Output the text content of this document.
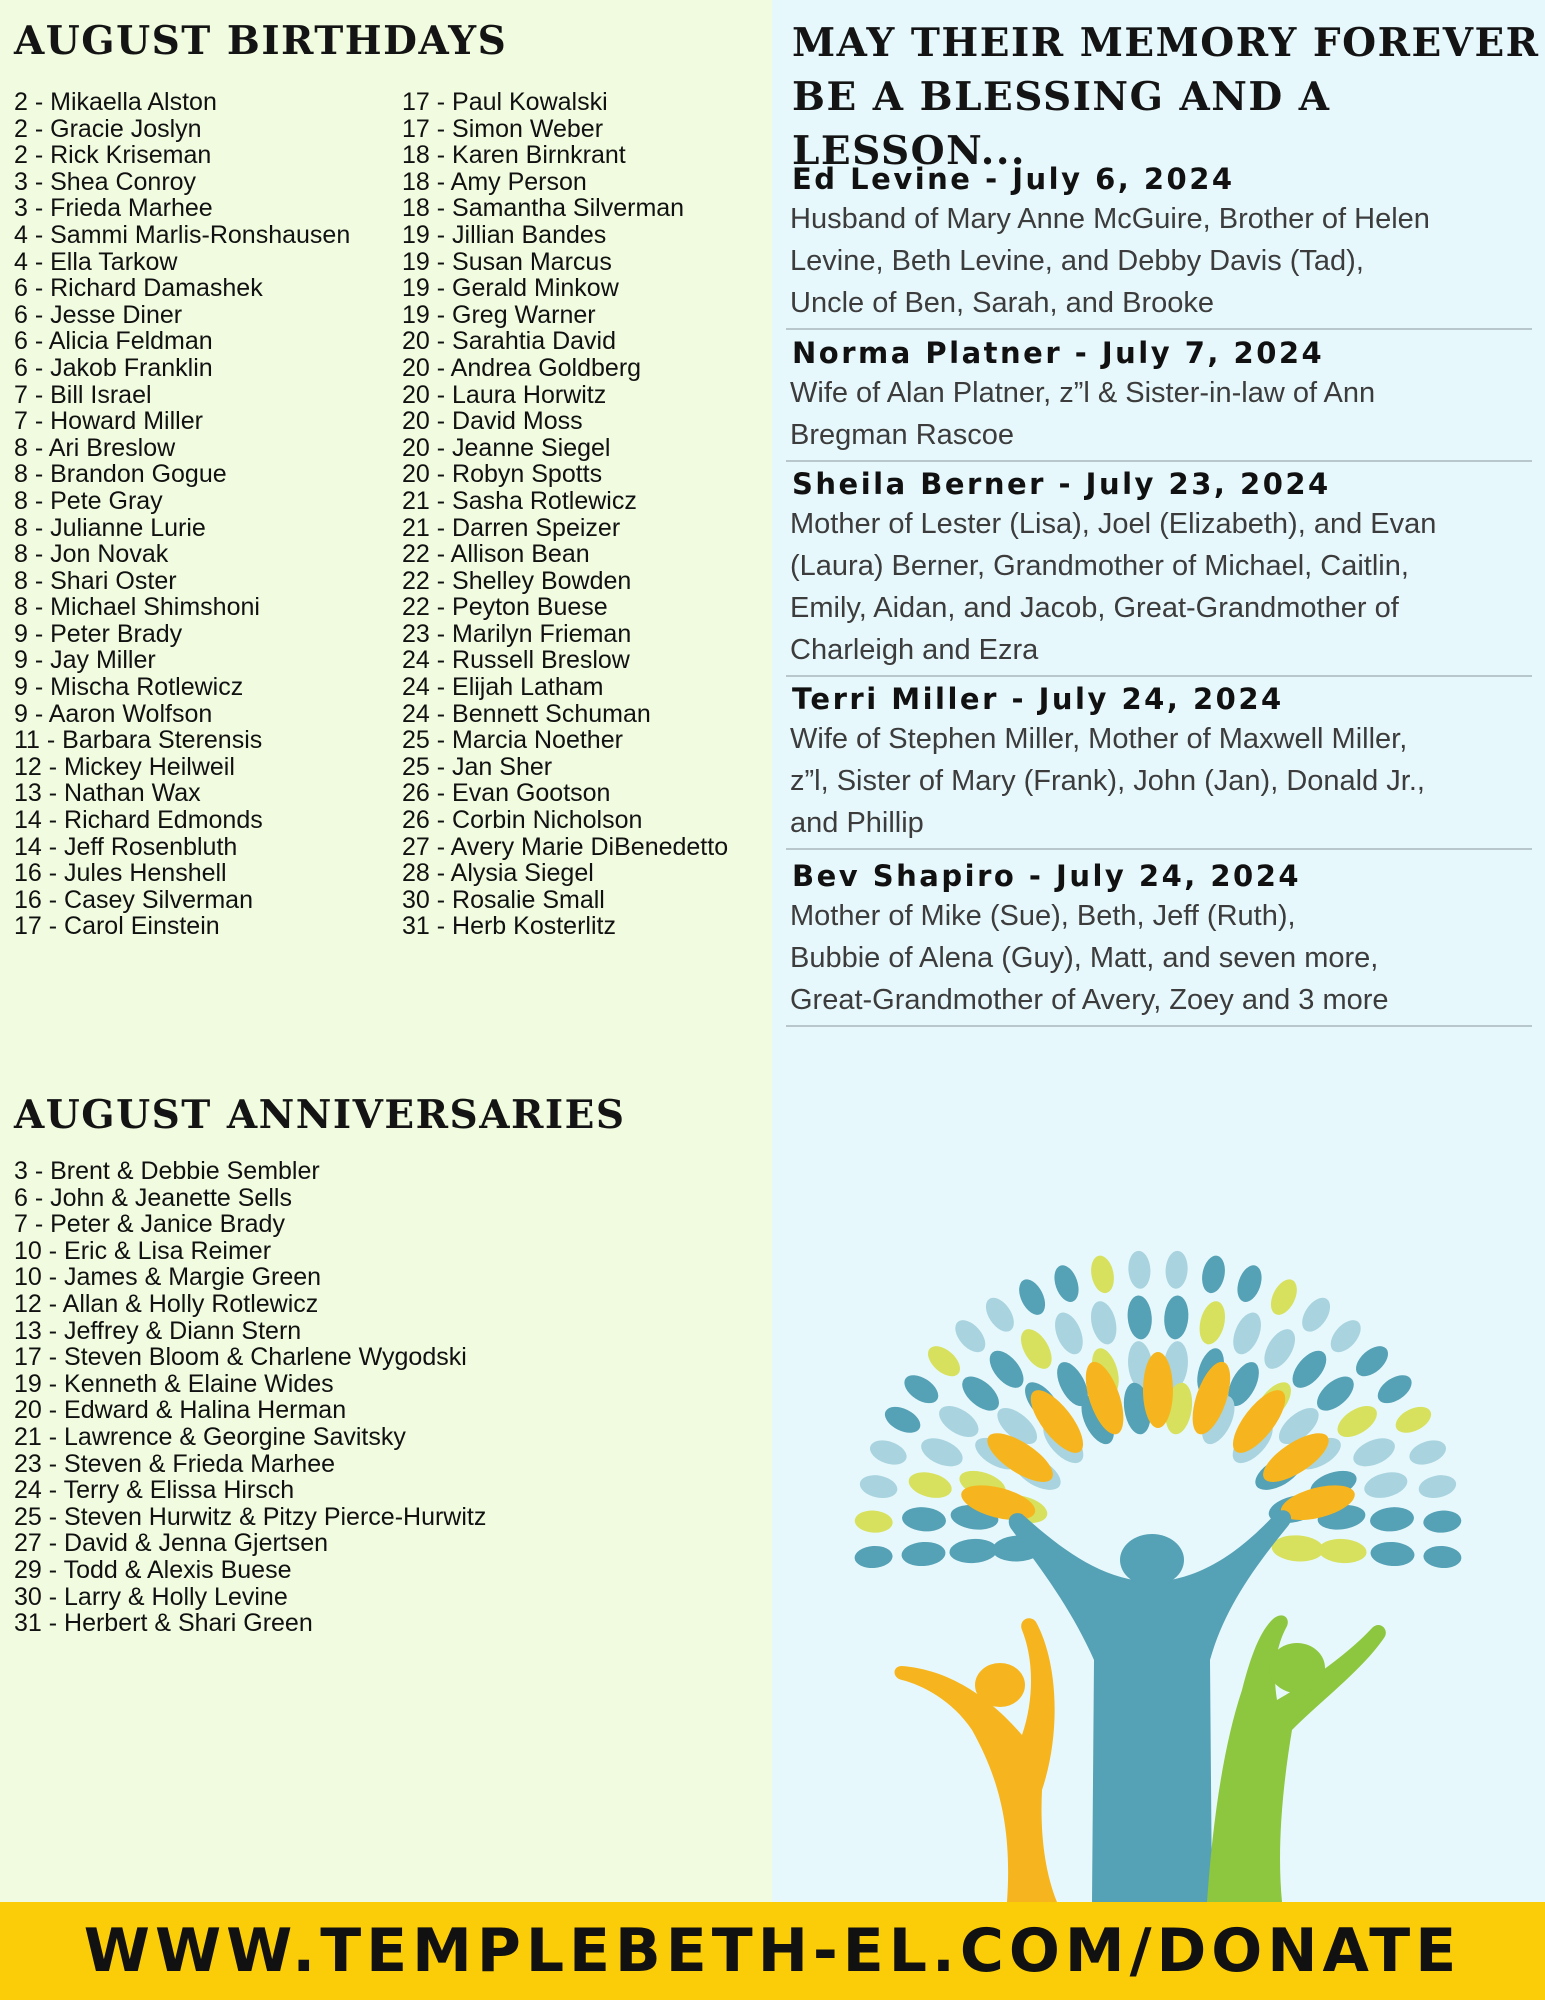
AUGUST BIRTHDAYS
2 - Mikaella Alston
2 - Gracie Joslyn
2 - Rick Kriseman
3 - Shea Conroy
3 - Frieda Marhee
4 - Sammi Marlis-Ronshausen
4 - Ella Tarkow
6 - Richard Damashek
6 - Jesse Diner
6 - Alicia Feldman
6 - Jakob Franklin
7 - Bill Israel
7 - Howard Miller
8 - Ari Breslow
8 - Brandon Gogue
8 - Pete Gray
8 - Julianne Lurie
8 - Jon Novak
8 - Shari Oster
8 - Michael Shimshoni
9 - Peter Brady
9 - Jay Miller
9 - Mischa Rotlewicz
9 - Aaron Wolfson
11 - Barbara Sterensis
12 - Mickey Heilweil
13 - Nathan Wax
14 - Richard Edmonds
14 - Jeff Rosenbluth
16 - Jules Henshell
16 - Casey Silverman
17 - Carol Einstein
17 - Paul Kowalski
17 - Simon Weber
18 - Karen Birnkrant
18 - Amy Person
18 - Samantha Silverman
19 - Jillian Bandes
19 - Susan Marcus
19 - Gerald Minkow
19 - Greg Warner
20 - Sarahtia David
20 - Andrea Goldberg
20 - Laura Horwitz
20 - David Moss
20 - Jeanne Siegel
20 - Robyn Spotts
21 - Sasha Rotlewicz
21 - Darren Speizer
22 - Allison Bean
22 - Shelley Bowden
22 - Peyton Buese
23 - Marilyn Frieman
24 - Russell Breslow
24 - Elijah Latham
24 - Bennett Schuman
25 - Marcia Noether
25 - Jan Sher
26 - Evan Gootson
26 - Corbin Nicholson
27 - Avery Marie DiBenedetto
28 - Alysia Siegel
30 - Rosalie Small
31 - Herb Kosterlitz
AUGUST ANNIVERSARIES
3 - Brent & Debbie Sembler
6 - John & Jeanette Sells
7 - Peter & Janice Brady
10 - Eric & Lisa Reimer
10 - James & Margie Green
12 - Allan & Holly Rotlewicz
13 - Jeffrey & Diann Stern
17 - Steven Bloom & Charlene Wygodski
19 - Kenneth & Elaine Wides
20 - Edward & Halina Herman
21 - Lawrence & Georgine Savitsky
23 - Steven & Frieda Marhee
24 - Terry & Elissa Hirsch
25 - Steven Hurwitz & Pitzy Pierce-Hurwitz
27 - David & Jenna Gjertsen
29 - Todd & Alexis Buese
30 - Larry & Holly Levine
31 - Herbert & Shari Green
MAY THEIR MEMORY FOREVER
BE A BLESSING AND A LESSON...
Ed Levine - July 6, 2024
Husband of Mary Anne McGuire, Brother of Helen
Levine, Beth Levine, and Debby Davis (Tad),
Uncle of Ben, Sarah, and Brooke
Norma Platner - July 7, 2024
Wife of Alan Platner, z”l & Sister-in-law of Ann
Bregman Rascoe
Sheila Berner - July 23, 2024
Mother of Lester (Lisa), Joel (Elizabeth), and Evan
(Laura) Berner, Grandmother of Michael, Caitlin,
Emily, Aidan, and Jacob, Great-Grandmother of
Charleigh and Ezra
Terri Miller - July 24, 2024
Wife of Stephen Miller, Mother of Maxwell Miller,
z”l, Sister of Mary (Frank), John (Jan), Donald Jr.,
and Phillip
Bev Shapiro - July 24, 2024
Mother of Mike (Sue), Beth, Jeff (Ruth),
Bubbie of Alena (Guy), Matt, and seven more,
Great-Grandmother of Avery, Zoey and 3 more
WWW.TEMPLEBETH-EL.COM/DONATE
